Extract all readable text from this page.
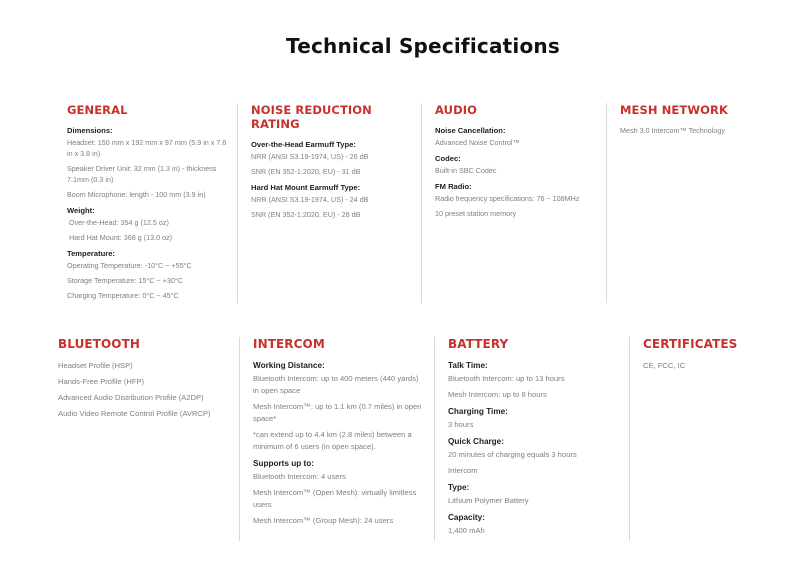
Technical Specifications
GENERAL
Dimensions:
Headset: 150 mm x 192 mm x 97 mm (5.9 in x 7.6 in x 3.8 in)
Speaker Driver Unit: 32 mm (1.3 in) - thickness 7.1mm (0.3 in)
Boom Microphone: length - 100 mm (3.9 in)
Weight:
Over-the-Head: 354 g (12.5 oz)
Hard Hat Mount: 368 g (13.0 oz)
Temperature:
Operating Temperature: -10°C ~ +55°C
Storage Temperature: 15°C ~ +30°C
Charging Temperature: 0°C ~ 45°C
NOISE REDUCTION RATING
Over-the-Head Earmuff Type:
NRR (ANSI S3.19-1974, US) - 26 dB
SNR (EN 352-1:2020, EU) - 31 dB
Hard Hat Mount Earmuff Type:
NRR (ANSI S3.19-1974, US) - 24 dB
SNR (EN 352-1:2020, EU) - 28 dB
AUDIO
Noise Cancellation:
Advanced Noise Control™
Codec:
Built-in SBC Codec
FM Radio:
Radio frequency specifications: 76 ~ 108MHz
10 preset station memory
MESH NETWORK
Mesh 3.0 Intercom™ Technology
BLUETOOTH
Headset Profile (HSP)
Hands-Free Profile (HFP)
Advanced Audio Distribution Profile (A2DP)
Audio Video Remote Control Profile (AVRCP)
INTERCOM
Working Distance:
Bluetooth Intercom: up to 400 meters (440 yards) in open space
Mesh Intercom™: up to 1.1 km (0.7 miles) in open space*
*can extend up to 4.4 km (2.8 miles) between a minimum of 6 users (in open space).
Supports up to:
Bluetooth Intercom: 4 users
Mesh Intercom™ (Open Mesh): virtually limitless users
Mesh Intercom™ (Group Mesh): 24 users
BATTERY
Talk Time:
Bluetooth Intercom: up to 13 hours
Mesh Intercom: up to 8 hours
Charging Time:
3 hours
Quick Charge:
20 minutes of charging equals 3 hours
Intercom
Type:
Lithium Polymer Battery
Capacity:
1,400 mAh
CERTIFICATES
CE, FCC, IC
